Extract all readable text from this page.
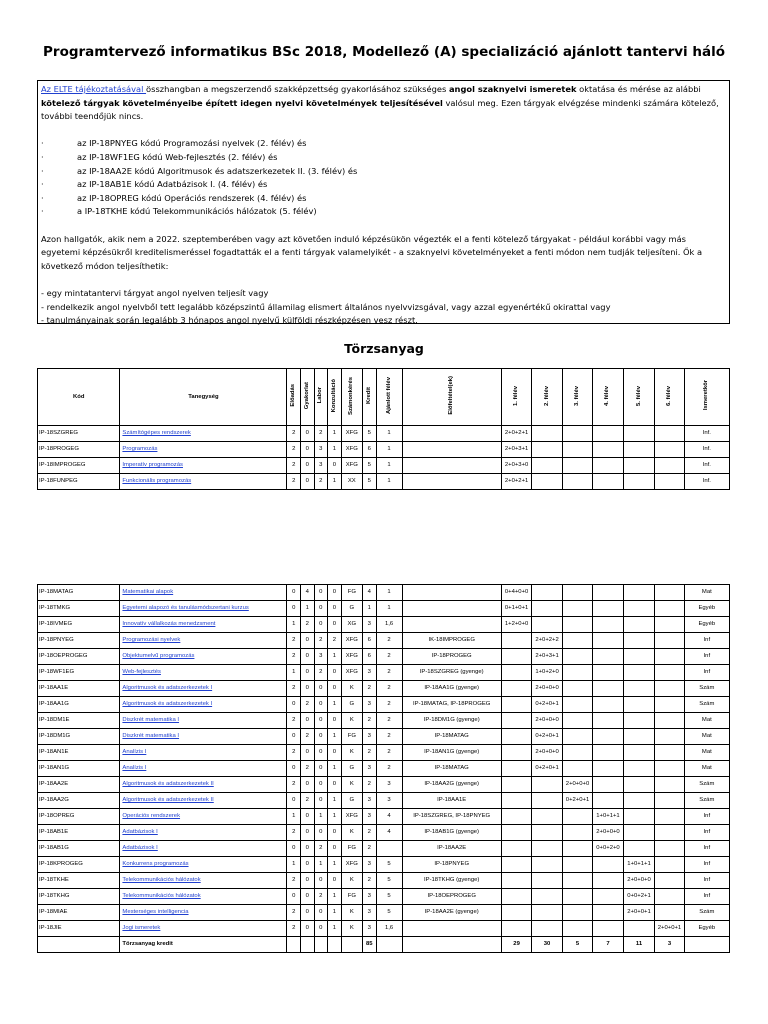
Programtervező informatikus BSc 2018, Modellező (A) specializáció ajánlott tantervi háló

Az ELTE tájékoztatásával összhangban a megszerzendő szakképzettség gyakorlásához szükséges angol szaknyelvi ismeretek oktatása és mérése az alábbi kötelező tárgyak követelményeibe épített idegen nyelvi követelmények teljesítésével valósul meg. Ezen tárgyak elvégzése mindenki számára kötelező, további teendőjük nincs.

·	az IP-18PNYEG kódú Programozási nyelvek (2. félév) és
·	az IP-18WF1EG kódú Web-fejlesztés (2. félév) és
·	az IP-18AA2E kódú Algoritmusok és adatszerkezetek II. (3. félév) és
·	az IP-18AB1E kódú Adatbázisok I. (4. félév) és
·	az IP-18OPREG kódú Operációs rendszerek (4. félév) és
·	a IP-18TKHE kódú Telekommunikációs hálózatok (5. félév)

Azon hallgatók, akik nem a 2022. szeptemberében vagy azt követően induló képzésükön végezték el a fenti kötelező tárgyakat - például korábbi vagy más egyetemi képzésükről kreditelismeréssel fogadtatták el a fenti tárgyak valamelyikét - a szaknyelvi követelményeket a fenti módon nem tudják teljesíteni. Ők a következő módon teljesíthetik:

- egy mintatantervi tárgyat angol nyelven teljesít vagy
- rendelkezik angol nyelvből tett legalább középszintű államilag elismert általános nyelvvizsgával, vagy azzal egyenértékű okirattal vagy
- tanulmányainak során legalább 3 hónapos angol nyelvű külföldi részképzésen vesz részt.
Törzsanyag
Kód	Tanegység	Előadás	Gyakorlat	Labor	Konzultáció	Számonkérés	Kredit	Ajánlott félév	Előfeltétel(ek)	1. félév	2. félév	3. félév	4. félév	5. félév	6. félév	Ismeretkör
IP-18SZGREG	Számítógépes rendszerek	2	0	2	1	XFG	5	1		2+0+2+1						Inf.
IP-18PROGEG	Programozás	2	0	3	1	XFG	6	1		2+0+3+1						Inf.
IP-18IMPROGEG	Imperatív programozás	2	0	3	0	XFG	5	1		2+0+3+0						Inf.
IP-18FUNPEG	Funkcionális programozás	2	0	2	1	XX	5	1		2+0+2+1						Inf.
IP-18MATAG	Matematikai alapok	0	4	0	0	FG	4	1		0+4+0+0						Mat
IP-18TMKG	Egyetemi alapozó és tanulásmódszertani kurzus	0	1	0	0	G	1	1		0+1+0+1						Egyéb
IP-18IVMEG	Innovatív vállalkozás menedzsment	1	2	0	0	XG	3	1,6		1+2+0+0						Egyéb
IP-18PNYEG	Programozási nyelvek	2	0	2	2	XFG	6	2	IK-18IMPROGEG		2+0+2+2					Inf
IP-18OEPROGEG	Objektumelvű programozás	2	0	3	1	XFG	6	2	IP-18PROGEG		2+0+3+1					Inf
IP-18WF1EG	Web-fejlesztés	1	0	2	0	XFG	3	2	IP-18SZGREG (gyenge)		1+0+2+0					Inf
IP-18AA1E	Algoritmusok és adatszerkezetek I	2	0	0	0	K	2	2	IP-18AA1G (gyenge)		2+0+0+0					Szám
IP-18AA1G	Algoritmusok és adatszerkezetek I	0	2	0	1	G	3	2	IP-18MATAG, IP-18PROGEG		0+2+0+1					Szám
IP-18DM1E	Diszkrét matematika I	2	0	0	0	K	2	2	IP-18DM1G (gyenge)		2+0+0+0					Mat
IP-18DM1G	Diszkrét matematika I	0	2	0	1	FG	3	2	IP-18MATAG		0+2+0+1					Mat
IP-18AN1E	Analízis I	2	0	0	0	K	2	2	IP-18AN1G (gyenge)		2+0+0+0					Mat
IP-18AN1G	Analízis I	0	2	0	1	G	3	2	IP-18MATAG		0+2+0+1					Mat
IP-18AA2E	Algoritmusok és adatszerkezetek II	2	0	0	0	K	2	3	IP-18AA2G (gyenge)			2+0+0+0				Szám
IP-18AA2G	Algoritmusok és adatszerkezetek II	0	2	0	1	G	3	3	IP-18AA1E			0+2+0+1				Szám
IP-18OPREG	Operációs rendszerek	1	0	1	1	XFG	3	4	IP-18SZGREG, IP-18PNYEG				1+0+1+1			Inf
IP-18AB1E	Adatbázisok I	2	0	0	0	K	2	4	IP-18AB1G (gyenge)				2+0+0+0			Inf
IP-18AB1G	Adatbázisok I	0	0	2	0	FG	2		IP-18AA2E				0+0+2+0			Inf
IP-18KPROGEG	Konkurrens programozás	1	0	1	1	XFG	3	5	IP-18PNYEG					1+0+1+1		Inf
IP-18TKHE	Telekommunikációs hálózatok	2	0	0	0	K	2	5	IP-18TKHG (gyenge)					2+0+0+0		Inf
IP-18TKHG	Telekommunikációs hálózatok	0	0	2	1	FG	3	5	IP-18OEPROGEG					0+0+2+1		Inf
IP-18MIAE	Mesterséges intelligencia	2	0	0	1	K	3	5	IP-18AA2E (gyenge)					2+0+0+1		Szám
IP-18JIE	Jogi ismeretek	2	0	0	1	K	3	1,6							2+0+0+1	Egyéb
	Törzsanyag kredit						85			29	30	5	7	11	3	
